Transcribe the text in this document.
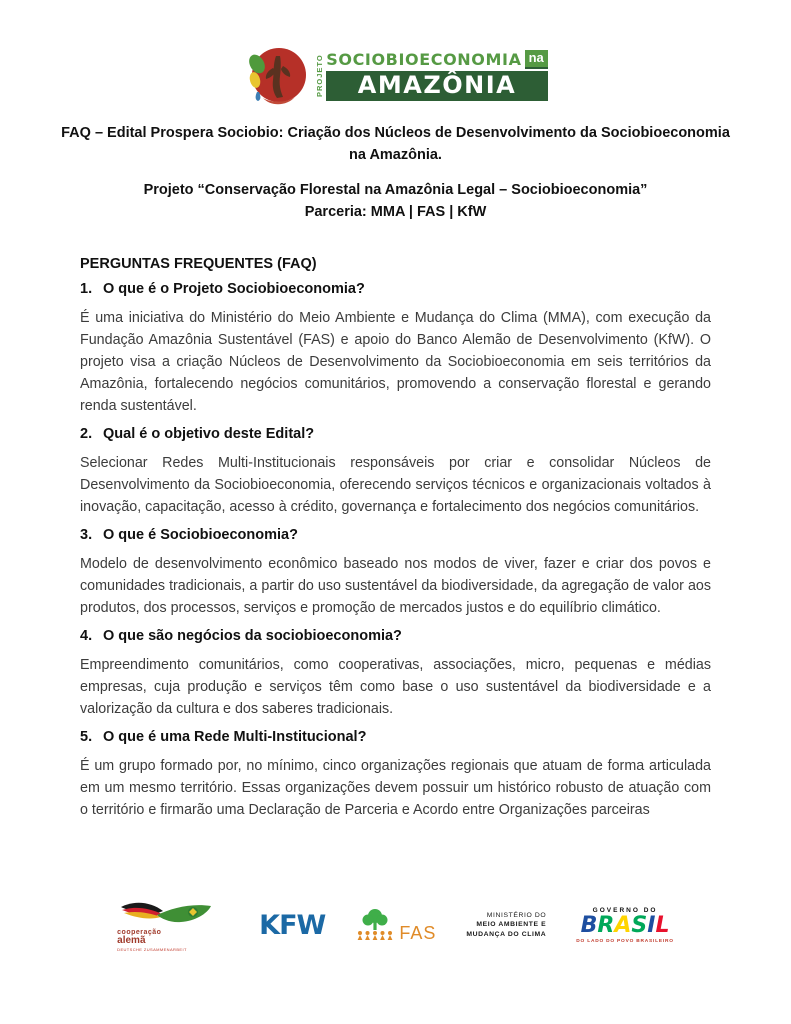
PROJETO SOCIOBIOECONOMIA na
AMAZÔNIA
FAQ – Edital Prospera Sociobio: Criação dos Núcleos de Desenvolvimento da Sociobioeconomia
na Amazônia.
Projeto “Conservação Florestal na Amazônia Legal – Sociobioeconomia”
Parceria: MMA | FAS | KfW
PERGUNTAS FREQUENTES (FAQ)
1. O que é o Projeto Sociobioeconomia?
É uma iniciativa do Ministério do Meio Ambiente e Mudança do Clima (MMA), com execução da Fundação Amazônia Sustentável (FAS) e apoio do Banco Alemão de Desenvolvimento (KfW). O projeto visa a criação Núcleos de Desenvolvimento da Sociobioeconomia em seis territórios da Amazônia, fortalecendo negócios comunitários, promovendo a conservação florestal e gerando renda sustentável.
2. Qual é o objetivo deste Edital?
Selecionar Redes Multi-Institucionais responsáveis por criar e consolidar Núcleos de Desenvolvimento da Sociobioeconomia, oferecendo serviços técnicos e organizacionais voltados à inovação, capacitação, acesso à crédito, governança e fortalecimento dos negócios comunitários.
3. O que é Sociobioeconomia?
Modelo de desenvolvimento econômico baseado nos modos de viver, fazer e criar dos povos e comunidades tradicionais, a partir do uso sustentável da biodiversidade, da agregação de valor aos produtos, dos processos, serviços e promoção de mercados justos e do equilíbrio climático.
4. O que são negócios da sociobioeconomia?
Empreendimento comunitários, como cooperativas, associações, micro, pequenas e médias empresas, cuja produção e serviços têm como base o uso sustentável da biodiversidade e a valorização da cultura e dos saberes tradicionais.
5. O que é uma Rede Multi-Institucional?
É um grupo formado por, no mínimo, cinco organizações regionais que atuam de forma articulada em um mesmo território. Essas organizações devem possuir um histórico robusto de atuação com o território e firmarão uma Declaração de Parceria e Acordo entre Organizações parceiras
cooperação
alemã
DEUTSCHE ZUSAMMENARBEIT
KFW	FAS
MINISTÉRIO DO
MEIO AMBIENTE E
MUDANÇA DO CLIMA
GOVERNO DO
BRASIL
DO LADO DO POVO BRASILEIRO
